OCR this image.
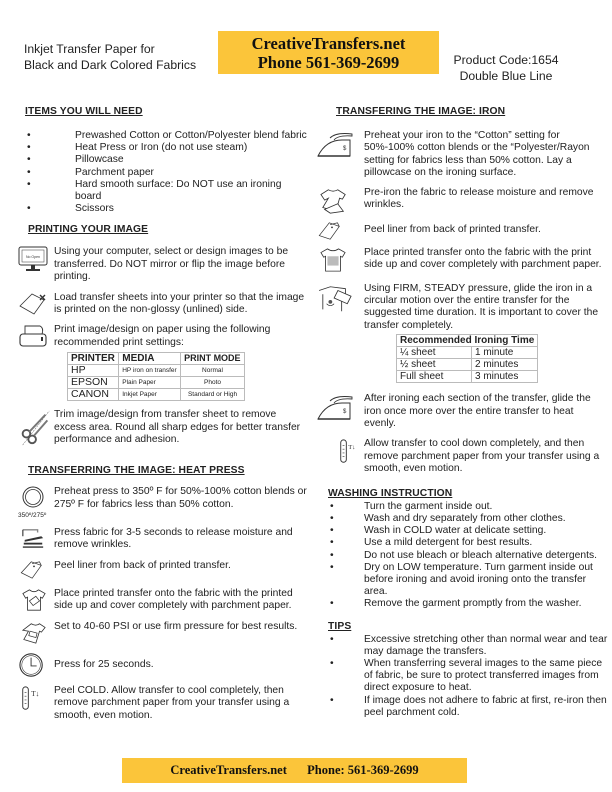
Inkjet Transfer Paper for
Black and Dark Colored Fabrics
CreativeTransfers.net
Phone 561-369-2699	Product Code:1654
Double Blue Line
ITEMS YOU WILL NEED
•	Prewashed Cotton or Cotton/Polyester blend fabric
•	Heat Press or Iron (do not use steam)
•	Pillowcase
•	Parchment paper
•	Hard smooth surface: Do NOT use an ironing board
•	Scissors
PRINTING YOUR IMAGE
No Open Using your computer, select or design images to be transferred. Do NOT mirror or flip the image before printing.
Load transfer sheets into your printer so that the image is printed on the non-glossy (unlined) side.
Print image/design on paper using the following recommended print settings:
PRINTER	MEDIA	PRINT MODE
HP	HP iron on transfer	Normal
EPSON	Plain Paper	Photo
CANON	Inkjet Paper	Standard or High
Trim image/design from transfer sheet to remove excess area. Round all sharp edges for better transfer performance and adhesion.
TRANSFERRING THE IMAGE: HEAT PRESS
Preheat press to 350º F for 50%-100% cotton blends or 275º F for fabrics less than 50% cotton.
350º/275º
Press fabric for 3-5 seconds to release moisture and remove wrinkles.
Peel liner from back of printed transfer.
Place printed transfer onto the fabric with the printed side up and cover completely with parchment paper.
Set to 40-60 PSI or use firm pressure for best results.
Press for 25 seconds.
T↓ Peel COLD. Allow transfer to cool completely, then remove parchment paper from your transfer using a smooth, even motion.
TRANSFERING THE IMAGE: IRON
$
Preheat your iron to the “Cotton” setting for 50%-100% cotton blends or the “Polyester/Rayon setting for fabrics less than 50% cotton. Lay a pillowcase on the ironing surface.
Pre-iron the fabric to release moisture and remove wrinkles.
Peel liner from back of printed transfer.
Place printed transfer onto the fabric with the print side up and cover completely with parchment paper.
Using FIRM, STEADY pressure, glide the iron in a circular motion over the entire transfer for the suggested time duration. It is important to cover the transfer completely.
Recommended Ironing Time	
¼ sheet	1 minute
½ sheet	2 minutes
Full sheet	3 minutes
$
After ironing each section of the transfer, glide the iron once more over the entire transfer to heat evenly.
T↓ Allow transfer to cool down completely, and then remove parchment paper from your transfer using a smooth, even motion.
WASHING INSTRUCTION
•	Turn the garment inside out.
•	Wash and dry separately from other clothes.
•	Wash in COLD water at delicate setting.
•	Use a mild detergent for best results.
•	Do not use bleach or bleach alternative detergents.
•	Dry on LOW temperature. Turn garment inside out before ironing and avoid ironing onto the transfer area.
•	Remove the garment promptly from the washer.
TIPS
•	Excessive stretching other than normal wear and tear may damage the transfers.
•	When transferring several images to the same piece of fabric, be sure to protect transferred images from direct exposure to heat.
•	If image does not adhere to fabric at first, re-iron then peel parchment cold.
CreativeTransfers.net Phone: 561-369-2699
